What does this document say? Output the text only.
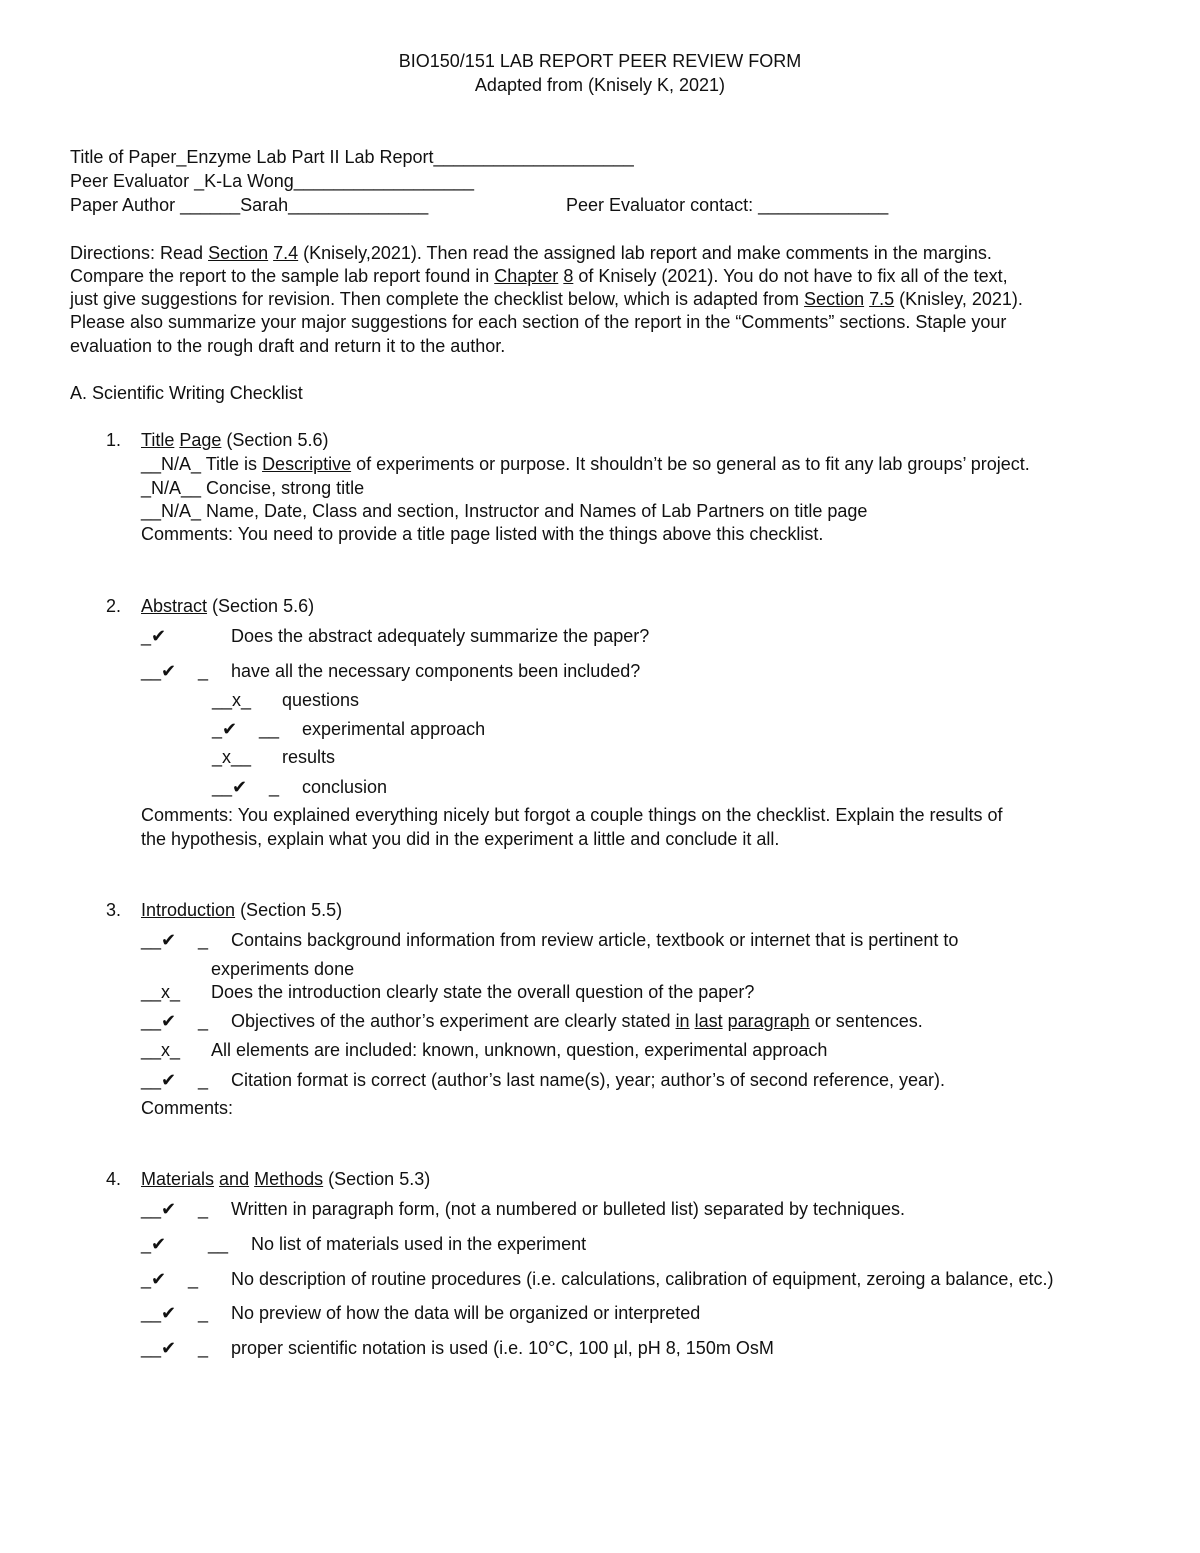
BIO150/151 LAB REPORT PEER REVIEW FORM
Adapted from (Knisely K, 2021)
Title of Paper_Enzyme Lab Part II Lab Report____________________
Peer Evaluator _K-La Wong__________________
Paper Author ______Sarah______________	Peer Evaluator contact: _____________
Directions: Read Section 7.4 (Knisely,2021). Then read the assigned lab report and make comments in the margins.
Compare the report to the sample lab report found in Chapter 8 of Knisely (2021). You do not have to fix all of the text,
just give suggestions for revision. Then complete the checklist below, which is adapted from Section 7.5 (Knisley, 2021).
Please also summarize your major suggestions for each section of the report in the “Comments” sections. Staple your
evaluation to the rough draft and return it to the author.
A. Scientific Writing Checklist
1. Title Page (Section 5.6)
__N/A_ Title is Descriptive of experiments or purpose. It shouldn’t be so general as to fit any lab groups’ project.
_N/A__ Concise, strong title
__N/A_ Name, Date, Class and section, Instructor and Names of Lab Partners on title page
Comments: You need to provide a title page listed with the things above this checklist.
2. Abstract (Section 5.6)
_✔	Does the abstract adequately summarize the paper?
__✔ _ have all the necessary components been included?
__x_ questions
_✔ __ experimental approach
_x__ results
__✔ _ conclusion
Comments: You explained everything nicely but forgot a couple things on the checklist. Explain the results of
the hypothesis, explain what you did in the experiment a little and conclude it all.
3. Introduction (Section 5.5)
__✔ _ Contains background information from review article, textbook or internet that is pertinent to
experiments done
__x_ Does the introduction clearly state the overall question of the paper?
__✔ _ Objectives of the author’s experiment are clearly stated in last paragraph or sentences.
__x_ All elements are included: known, unknown, question, experimental approach
__✔ _ Citation format is correct (author’s last name(s), year; author’s of second reference, year).
Comments:
4. Materials and Methods (Section 5.3)
__✔ _ Written in paragraph form, (not a numbered or bulleted list) separated by techniques.
_✔ __ No list of materials used in the experiment
_✔ _ No description of routine procedures (i.e. calculations, calibration of equipment, zeroing a balance, etc.)
__✔ _ No preview of how the data will be organized or interpreted
__✔ _ proper scientific notation is used (i.e. 10°C, 100 µl, pH 8, 150m OsM
